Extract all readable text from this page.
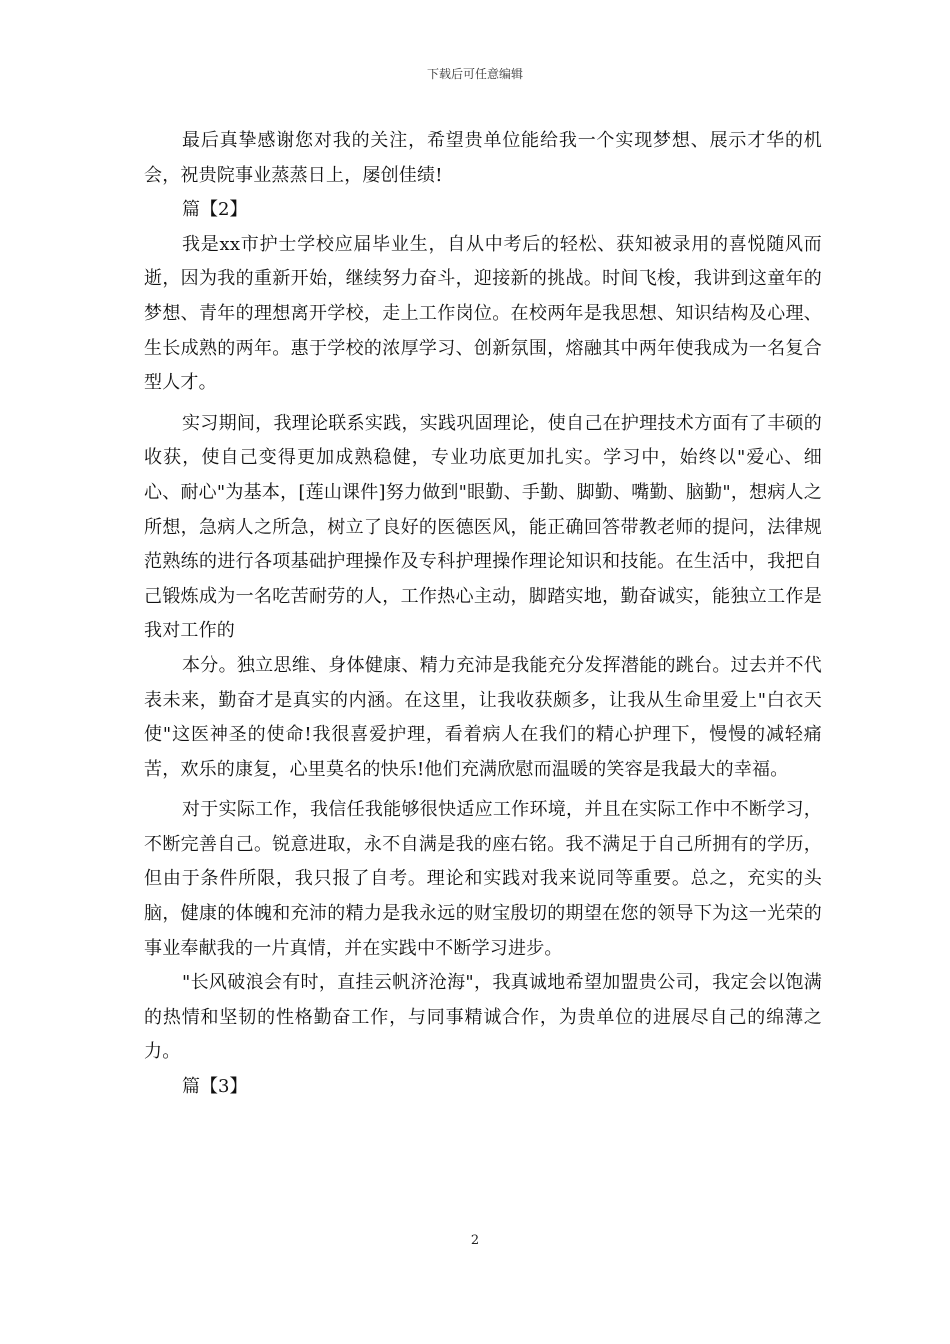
下载后可任意编辑

最后真挚感谢您对我的关注，希望贵单位能给我一个实现梦想、展示才华的机会，祝贵院事业蒸蒸日上，屡创佳绩!

篇【2】

我是xx市护士学校应届毕业生，自从中考后的轻松、获知被录用的喜悦随风而逝，因为我的重新开始，继续努力奋斗，迎接新的挑战。时间飞梭，我讲到这童年的梦想、青年的理想离开学校，走上工作岗位。在校两年是我思想、知识结构及心理、生长成熟的两年。惠于学校的浓厚学习、创新氛围，熔融其中两年使我成为一名复合型人才。

实习期间，我理论联系实践，实践巩固理论，使自己在护理技术方面有了丰硕的收获，使自己变得更加成熟稳健，专业功底更加扎实。学习中，始终以"爱心、细心、耐心"为基本，[莲山课件]努力做到"眼勤、手勤、脚勤、嘴勤、脑勤"，想病人之所想，急病人之所急，树立了良好的医德医风，能正确回答带教老师的提问，法律规范熟练的进行各项基础护理操作及专科护理操作理论知识和技能。在生活中，我把自己锻炼成为一名吃苦耐劳的人，工作热心主动，脚踏实地，勤奋诚实，能独立工作是我对工作的

本分。独立思维、身体健康、精力充沛是我能充分发挥潜能的跳台。过去并不代表未来，勤奋才是真实的内涵。在这里，让我收获颇多，让我从生命里爱上"白衣天使"这医神圣的使命!我很喜爱护理，看着病人在我们的精心护理下，慢慢的减轻痛苦，欢乐的康复，心里莫名的快乐!他们充满欣慰而温暖的笑容是我最大的幸福。

对于实际工作，我信任我能够很快适应工作环境，并且在实际工作中不断学习，不断完善自己。锐意进取，永不自满是我的座右铭。我不满足于自己所拥有的学历，但由于条件所限，我只报了自考。理论和实践对我来说同等重要。总之，充实的头脑，健康的体魄和充沛的精力是我永远的财宝殷切的期望在您的领导下为这一光荣的事业奉献我的一片真情，并在实践中不断学习进步。

"长风破浪会有时，直挂云帆济沧海"，我真诚地希望加盟贵公司，我定会以饱满的热情和坚韧的性格勤奋工作，与同事精诚合作，为贵单位的进展尽自己的绵薄之力。

篇【3】

2
